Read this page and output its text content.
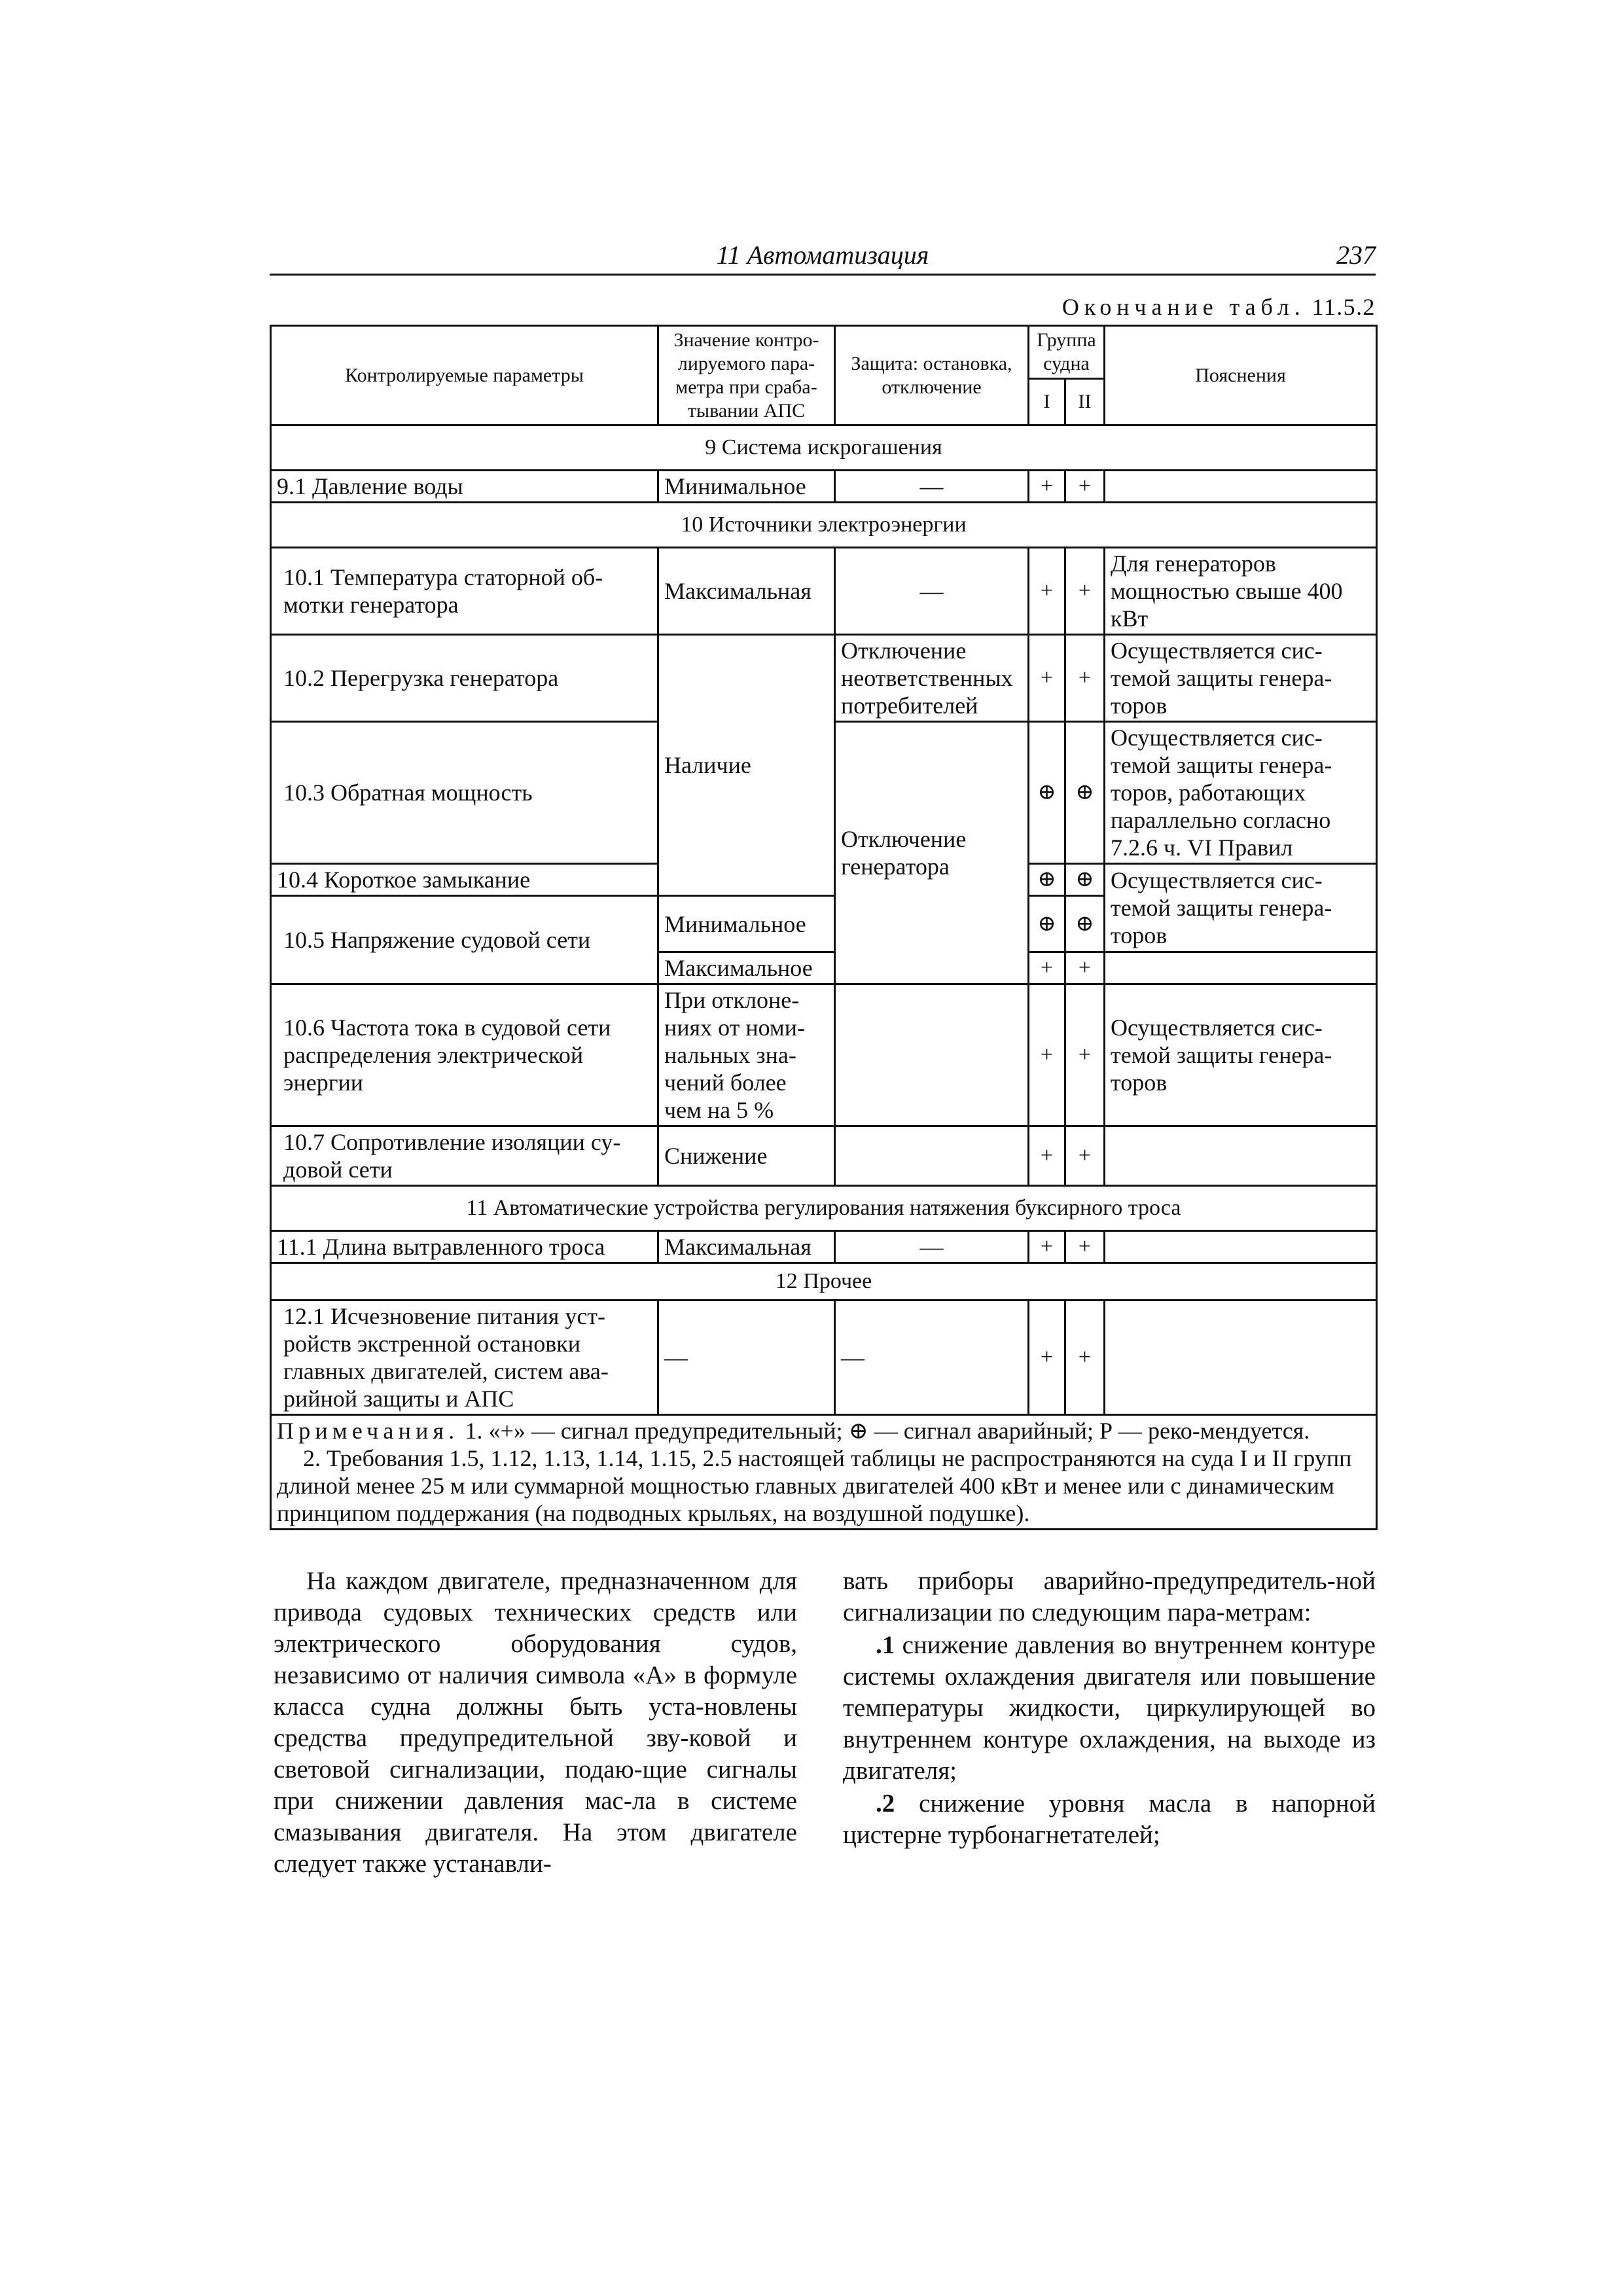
11 Автоматизация	237
Окончание табл. 11.5.2
Контролируемые параметры	Значение контро-лируемого пара-метра при сраба-тывании АПС	Защита: остановка, отключение	Группа судна		Пояснения
			I	II	
9 Система искрогашения					
9.1 Давление воды	Минимальное	—	+	+	
10 Источники электроэнергии					
10.1 Температура статорной об-мотки генератора	Максимальная	—	+	+	Для генераторов мощностью свыше 400 кВт
10.2 Перегрузка генератора	Наличие	Отключение неответственных потребителей	+	+	Осуществляется сис-темой защиты генера-торов
10.3 Обратная мощность		Отключение генератора	⊕	⊕	Осуществляется сис-темой защиты генера-торов, работающих параллельно согласно 7.2.6 ч. VI Правил
10.4 Короткое замыкание			⊕	⊕	Осуществляется сис-темой защиты генера-торов
10.5 Напряжение судовой сети	Минимальное		⊕	⊕	
	Максимальное		+	+	
10.6 Частота тока в судовой сети распределения электрической энергии	При отклоне-ниях от номи-нальных зна-чений более чем на 5 %		+	+	Осуществляется сис-темой защиты генера-торов
10.7 Сопротивление изоляции су-довой сети	Снижение		+	+	
11 Автоматические устройства регулирования натяжения буксирного троса					
11.1 Длина вытравленного троса	Максимальная	—	+	+	
12 Прочее					
12.1 Исчезновение питания уст-ройств экстренной остановки главных двигателей, систем ава-рийной защиты и АПС	—	—	+	+	

Примечания. 1. «+» — сигнал предупредительный; ⊕ — сигнал аварийный; Р — реко-мендуется.
2. Требования 1.5, 1.12, 1.13, 1.14, 1.15, 2.5 настоящей таблицы не распространяются на суда I и II групп длиной менее 25 м или суммарной мощностью главных двигателей 400 кВт и менее или с динамическим принципом поддержания (на подводных крыльях, на воздушной подушке).					

На каждом двигателе, предназначенном для привода судовых технических средств или электрического оборудования судов, независимо от наличия символа «А» в формуле класса судна должны быть уста-новлены средства предупредительной зву-ковой и световой сигнализации, подаю-щие сигналы при снижении давления мас-ла в системе смазывания двигателя. На этом двигателе следует также устанавли-

вать приборы аварийно-предупредитель-ной сигнализации по следующим пара-метрам:

.1 снижение давления во внутреннем контуре системы охлаждения двигателя или повышение температуры жидкости, циркулирующей во внутреннем контуре охлаждения, на выходе из двигателя;

.2 снижение уровня масла в напорной цистерне турбонагнетателей;
